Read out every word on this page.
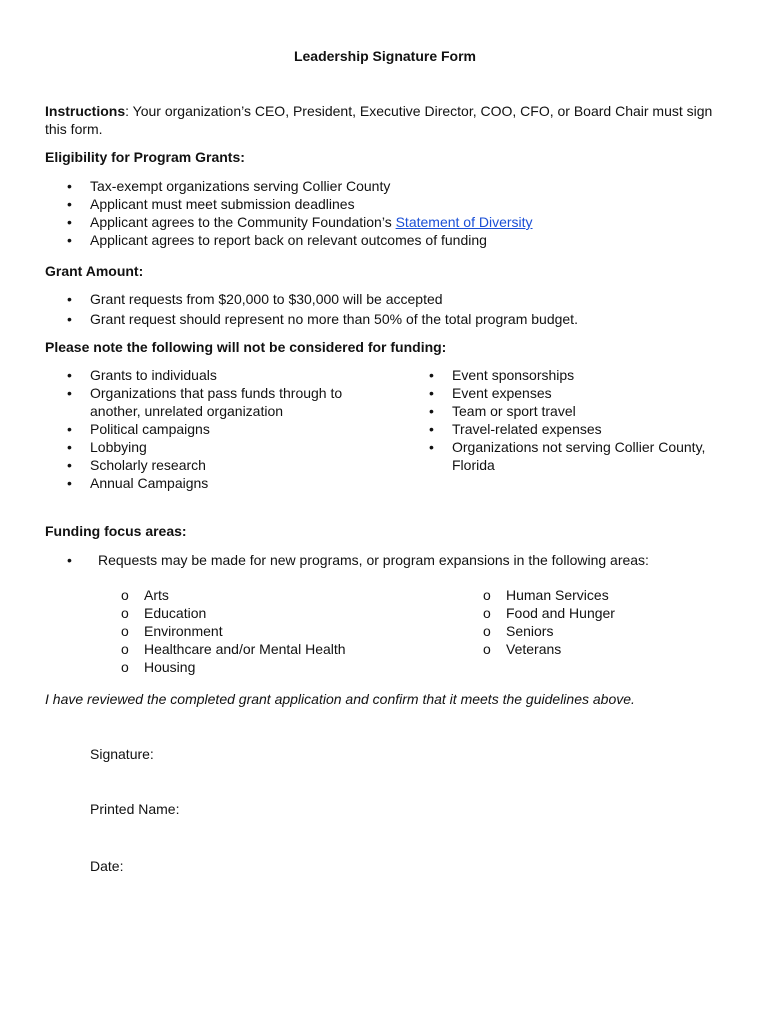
Leadership Signature Form
Instructions: Your organization’s CEO, President, Executive Director, COO, CFO, or Board Chair must sign this form.
Eligibility for Program Grants:
• Tax-exempt organizations serving Collier County
• Applicant must meet submission deadlines
• Applicant agrees to the Community Foundation’s Statement of Diversity
• Applicant agrees to report back on relevant outcomes of funding
Grant Amount:
• Grant requests from $20,000 to $30,000 will be accepted
• Grant request should represent no more than 50% of the total program budget.
Please note the following will not be considered for funding:
• Grants to individuals
• Organizations that pass funds through to another, unrelated organization
• Political campaigns
• Lobbying
• Scholarly research
• Annual Campaigns
• Event sponsorships
• Event expenses
• Team or sport travel
• Travel-related expenses
• Organizations not serving Collier County, Florida
Funding focus areas:
• Requests may be made for new programs, or program expansions in the following areas:
o Arts
o Education
o Environment
o Healthcare and/or Mental Health
o Housing
o Human Services
o Food and Hunger
o Seniors
o Veterans
I have reviewed the completed grant application and confirm that it meets the guidelines above.
Signature:
Printed Name:
Date:
